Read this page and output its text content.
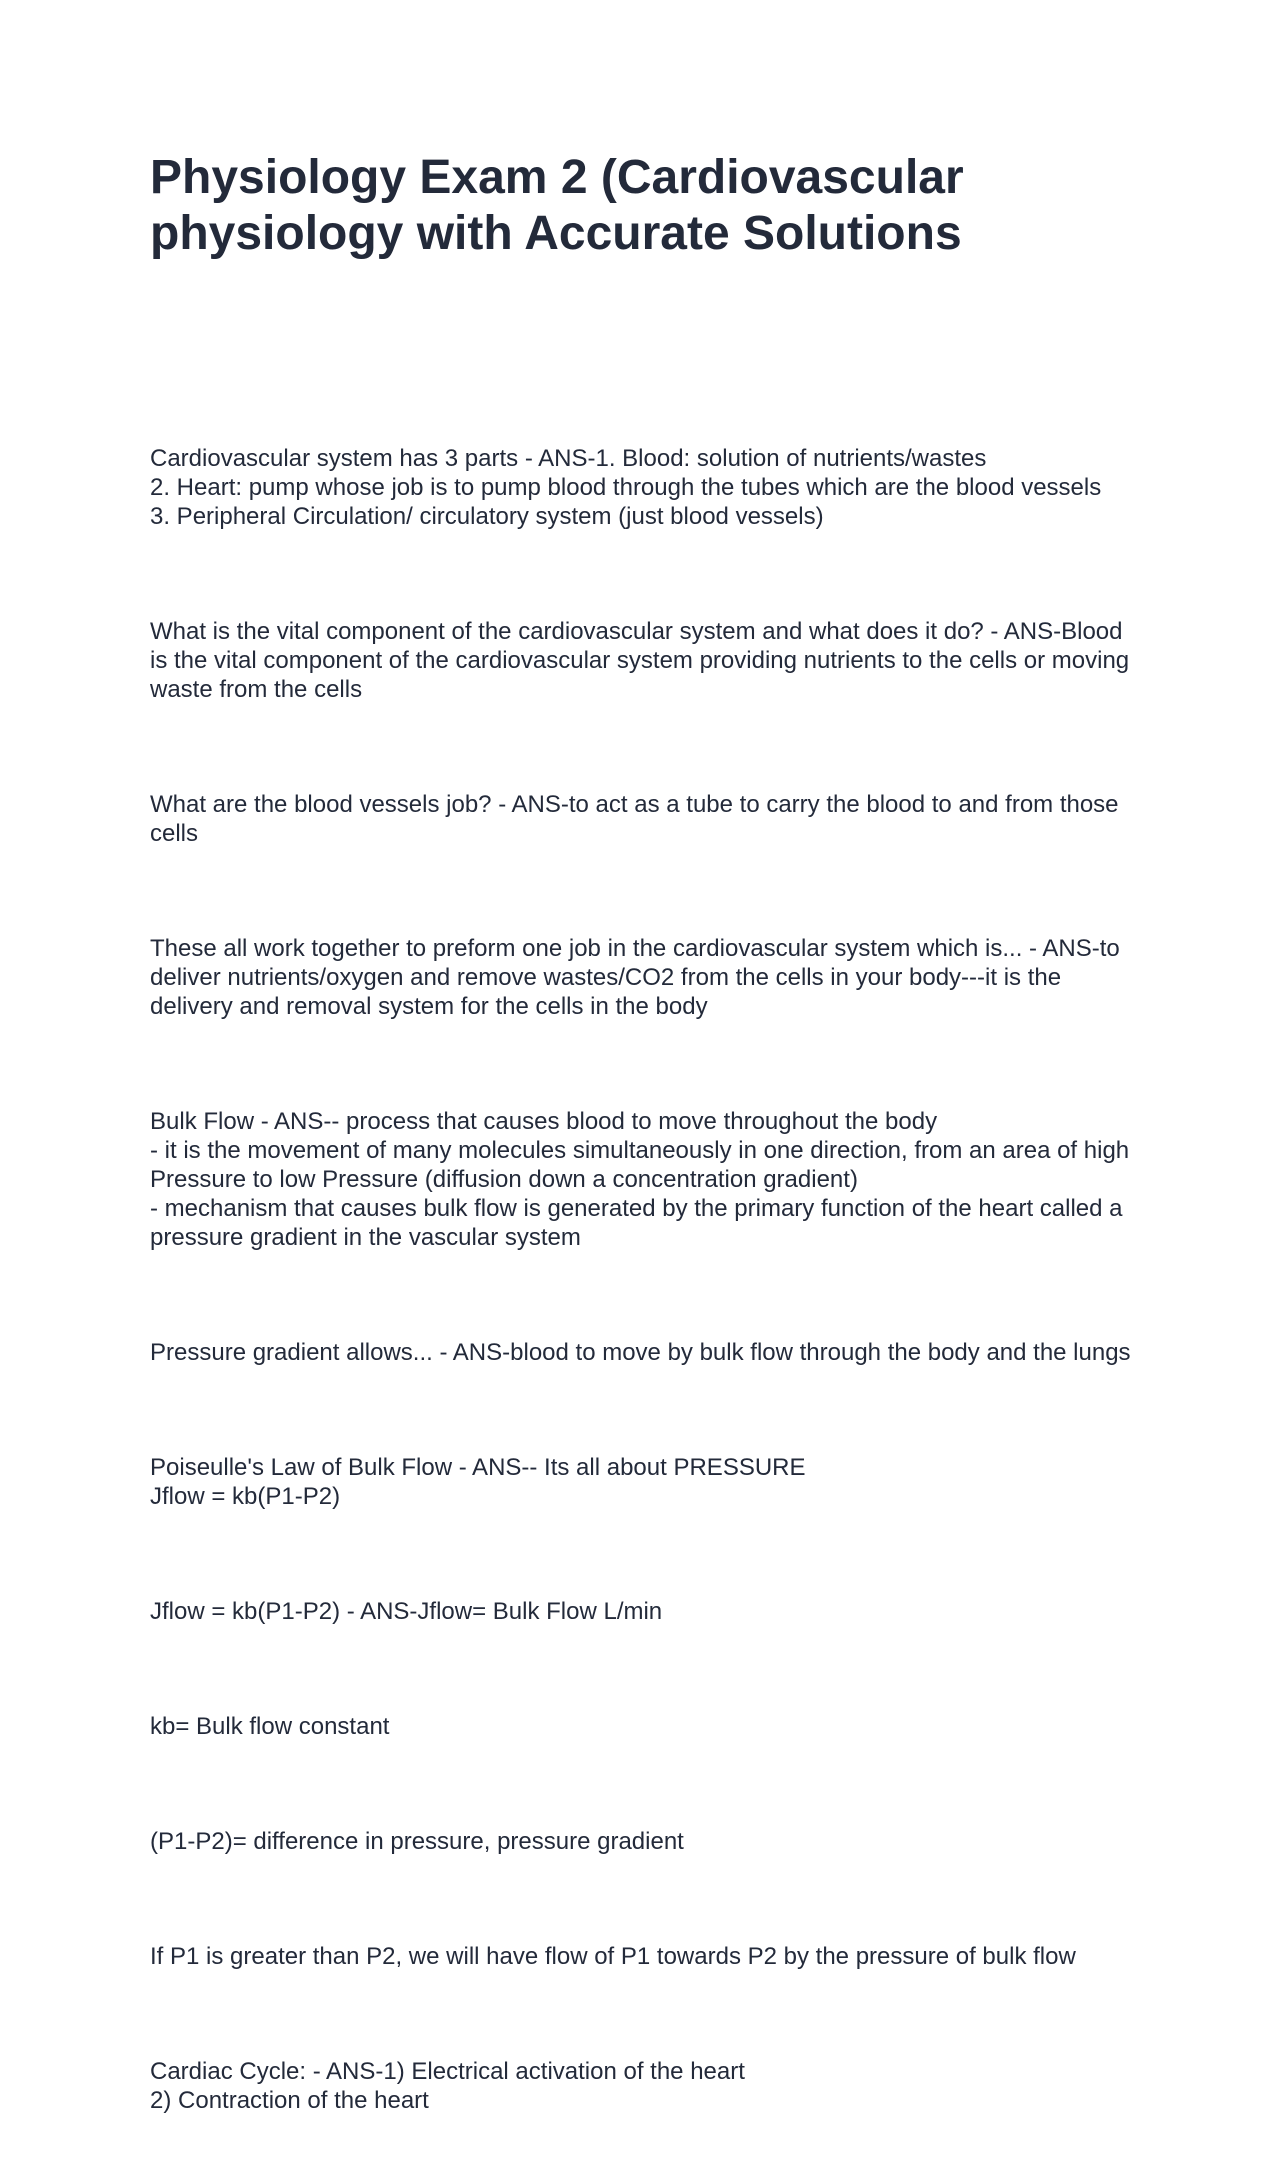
Physiology Exam 2 (Cardiovascular
physiology with Accurate Solutions

Cardiovascular system has 3 parts - ANS-1. Blood: solution of nutrients/wastes
2. Heart: pump whose job is to pump blood through the tubes which are the blood vessels
3. Peripheral Circulation/ circulatory system (just blood vessels)

What is the vital component of the cardiovascular system and what does it do? - ANS-Blood is the vital component of the cardiovascular system providing nutrients to the cells or moving waste from the cells

What are the blood vessels job? - ANS-to act as a tube to carry the blood to and from those cells

These all work together to preform one job in the cardiovascular system which is... - ANS-to deliver nutrients/oxygen and remove wastes/CO2 from the cells in your body---it is the delivery and removal system for the cells in the body

Bulk Flow - ANS-- process that causes blood to move throughout the body
- it is the movement of many molecules simultaneously in one direction, from an area of high Pressure to low Pressure (diffusion down a concentration gradient)
- mechanism that causes bulk flow is generated by the primary function of the heart called a pressure gradient in the vascular system

Pressure gradient allows... - ANS-blood to move by bulk flow through the body and the lungs

Poiseulle's Law of Bulk Flow - ANS-- Its all about PRESSURE
Jflow = kb(P1-P2)

Jflow = kb(P1-P2) - ANS-Jflow= Bulk Flow L/min

kb= Bulk flow constant

(P1-P2)= difference in pressure, pressure gradient

If P1 is greater than P2, we will have flow of P1 towards P2 by the pressure of bulk flow

Cardiac Cycle: - ANS-1) Electrical activation of the heart
2) Contraction of the heart
